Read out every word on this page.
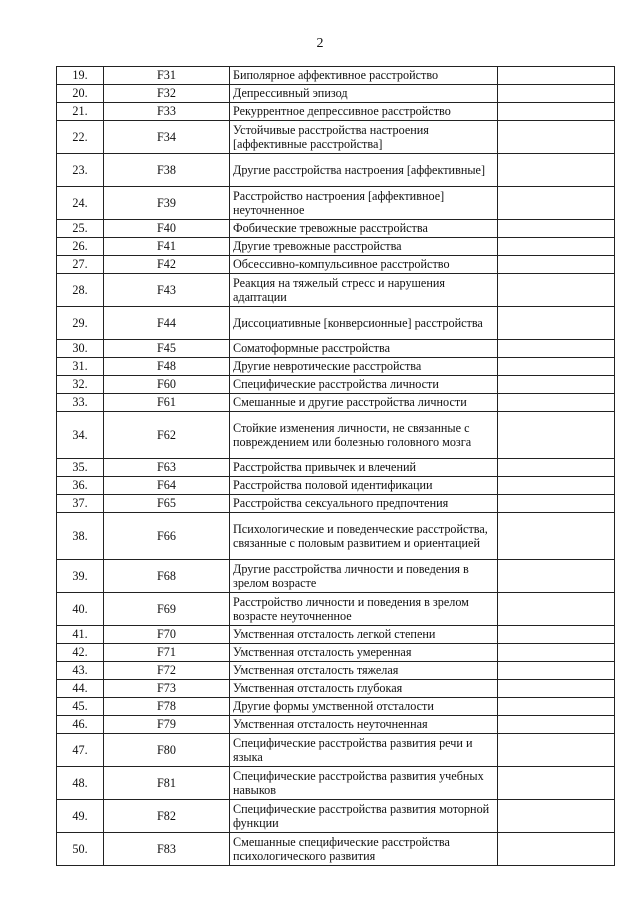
2
19.	F31	Биполярное аффективное расстройство	
20.	F32	Депрессивный эпизод	
21.	F33	Рекуррентное депрессивное расстройство	
22.	F34	Устойчивые расстройства настроения [аффективные расстройства]	
23.	F38	Другие расстройства настроения [аффективные]	
24.	F39	Расстройство настроения [аффективное] неуточненное	
25.	F40	Фобические тревожные расстройства	
26.	F41	Другие тревожные расстройства	
27.	F42	Обсессивно-компульсивное расстройство	
28.	F43	Реакция на тяжелый стресс и нарушения адаптации	
29.	F44	Диссоциативные [конверсионные] расстройства	
30.	F45	Соматоформные расстройства	
31.	F48	Другие невротические расстройства	
32.	F60	Специфические расстройства личности	
33.	F61	Смешанные и другие расстройства личности	
34.	F62	Стойкие изменения личности, не связанные с повреждением или болезнью головного мозга	
35.	F63	Расстройства привычек и влечений	
36.	F64	Расстройства половой идентификации	
37.	F65	Расстройства сексуального предпочтения	
38.	F66	Психологические и поведенческие расстройства, связанные с половым развитием и ориентацией	
39.	F68	Другие расстройства личности и поведения в зрелом возрасте	
40.	F69	Расстройство личности и поведения в зрелом возрасте неуточненное	
41.	F70	Умственная отсталость легкой степени	
42.	F71	Умственная отсталость умеренная	
43.	F72	Умственная отсталость тяжелая	
44.	F73	Умственная отсталость глубокая	
45.	F78	Другие формы умственной отсталости	
46.	F79	Умственная отсталость неуточненная	
47.	F80	Специфические расстройства развития речи и языка	
48.	F81	Специфические расстройства развития учебных навыков	
49.	F82	Специфические расстройства развития моторной функции	
50.	F83	Смешанные специфические расстройства психологического развития	
